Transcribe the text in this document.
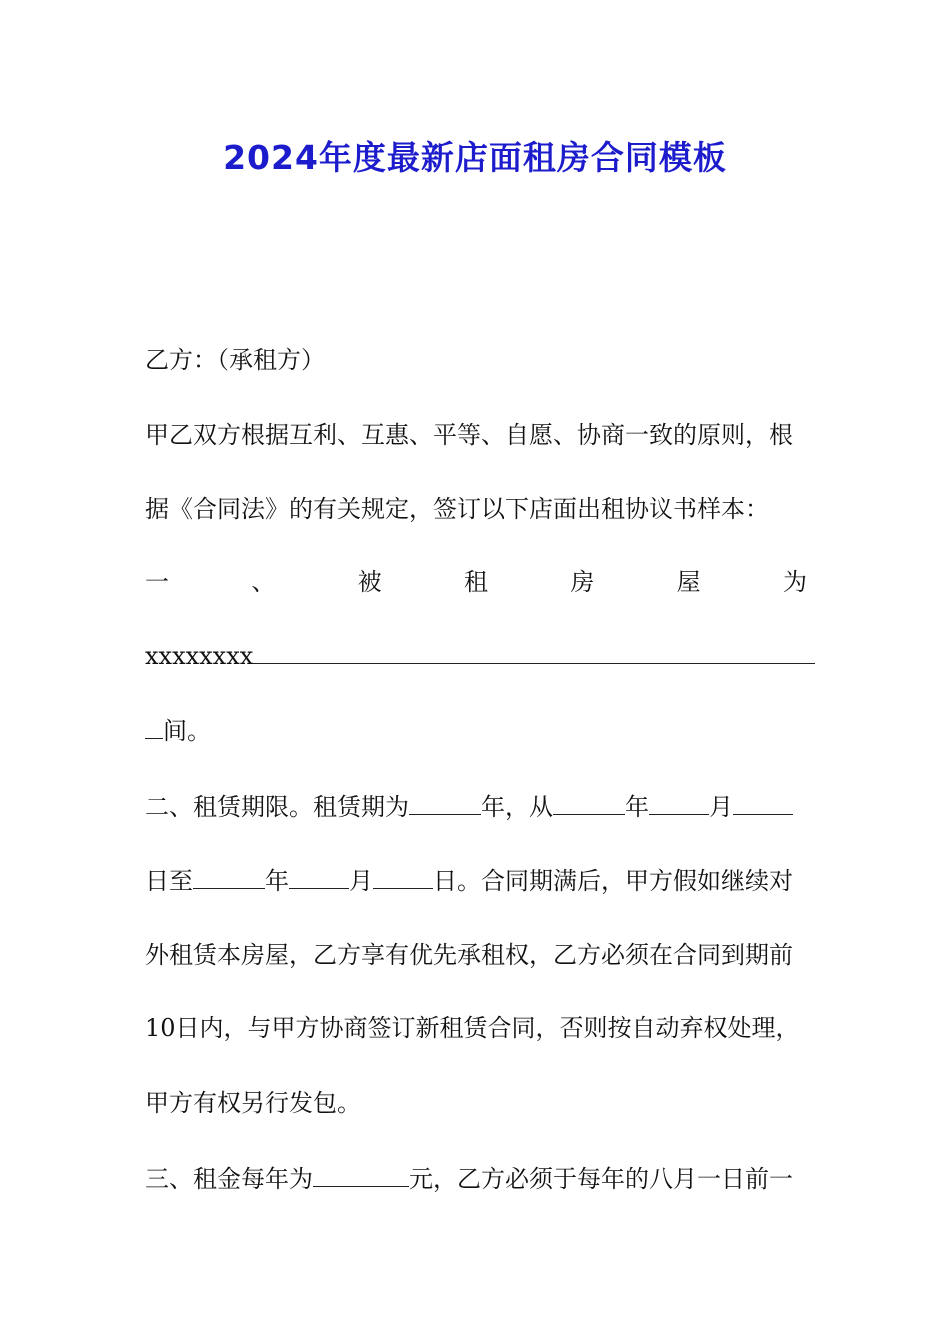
2024年度最新店面租房合同模板
乙方：（承租方）
甲乙双方根据互利、互惠、平等、自愿、协商一致的原则，根
据《合同法》的有关规定，签订以下店面出租协议书样本：
一	、	被	租	房	屋	为
xxxxxxxx
间。
二、租赁期限。租赁期为	年，从	年	月
日至	年	月	日。合同期满后，甲方假如继续对
外租赁本房屋，乙方享有优先承租权，乙方必须在合同到期前
10日内，与甲方协商签订新租赁合同，否则按自动弃权处理，
甲方有权另行发包。
三、租金每年为	元，乙方必须于每年的八月一日前一
